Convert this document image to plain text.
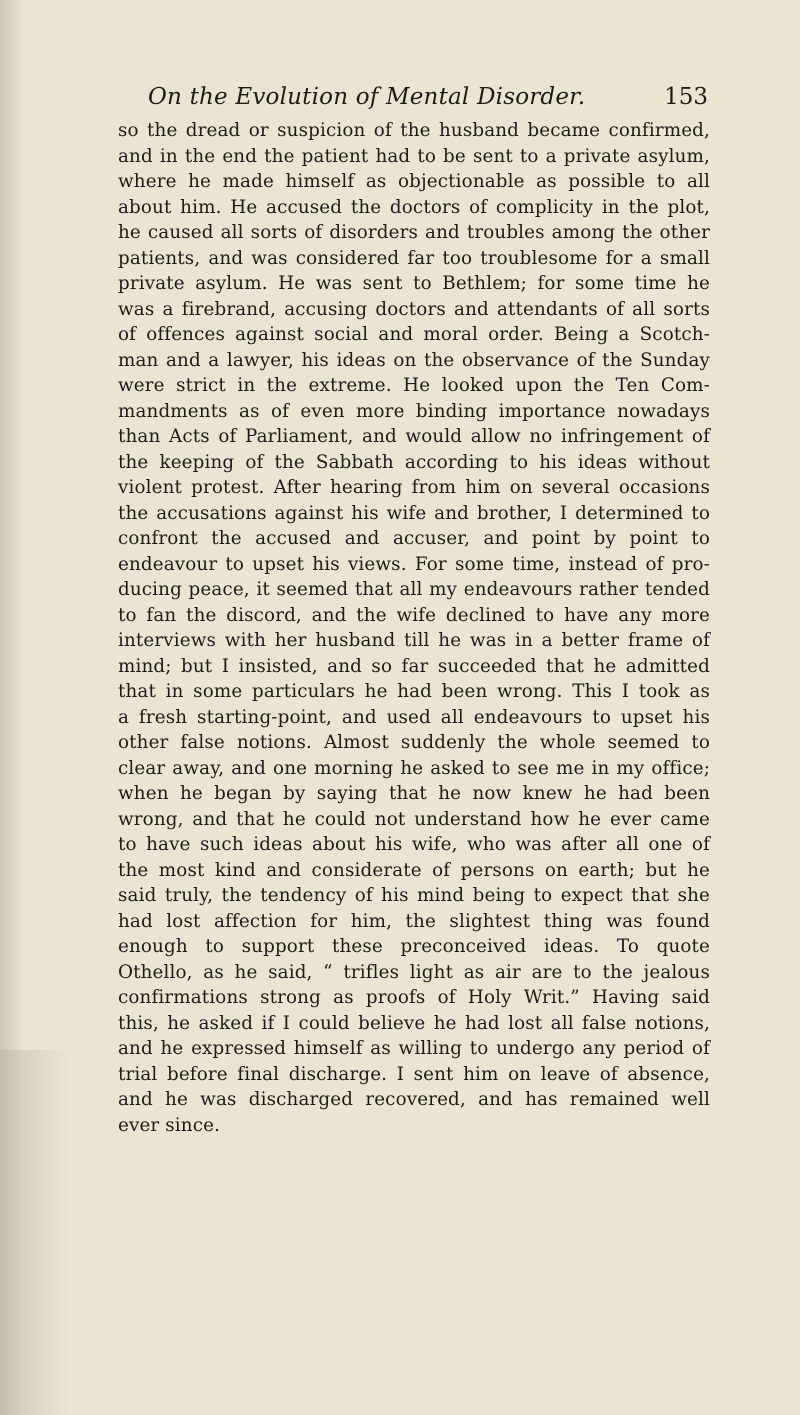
On the Evolution of Mental Disorder.	153
so the dread or suspicion of the husband became confirmed,
and in the end the patient had to be sent to a private asylum,
where he made himself as objectionable as possible to all
about him. He accused the doctors of complicity in the plot,
he caused all sorts of disorders and troubles among the other
patients, and was considered far too troublesome for a small
private asylum. He was sent to Bethlem; for some time he
was a firebrand, accusing doctors and attendants of all sorts
of offences against social and moral order. Being a Scotch-
man and a lawyer, his ideas on the observance of the Sunday
were strict in the extreme. He looked upon the Ten Com-
mandments as of even more binding importance nowadays
than Acts of Parliament, and would allow no infringement of
the keeping of the Sabbath according to his ideas without
violent protest. After hearing from him on several occasions
the accusations against his wife and brother, I determined to
confront the accused and accuser, and point by point to
endeavour to upset his views. For some time, instead of pro-
ducing peace, it seemed that all my endeavours rather tended
to fan the discord, and the wife declined to have any more
interviews with her husband till he was in a better frame of
mind; but I insisted, and so far succeeded that he admitted
that in some particulars he had been wrong. This I took as
a fresh starting-point, and used all endeavours to upset his
other false notions. Almost suddenly the whole seemed to
clear away, and one morning he asked to see me in my office;
when he began by saying that he now knew he had been
wrong, and that he could not understand how he ever came
to have such ideas about his wife, who was after all one of
the most kind and considerate of persons on earth; but he
said truly, the tendency of his mind being to expect that she
had lost affection for him, the slightest thing was found
enough to support these preconceived ideas. To quote
Othello, as he said, “ trifles light as air are to the jealous
confirmations strong as proofs of Holy Writ.” Having said
this, he asked if I could believe he had lost all false notions,
and he expressed himself as willing to undergo any period of
trial before final discharge. I sent him on leave of absence,
and he was discharged recovered, and has remained well
ever since.
